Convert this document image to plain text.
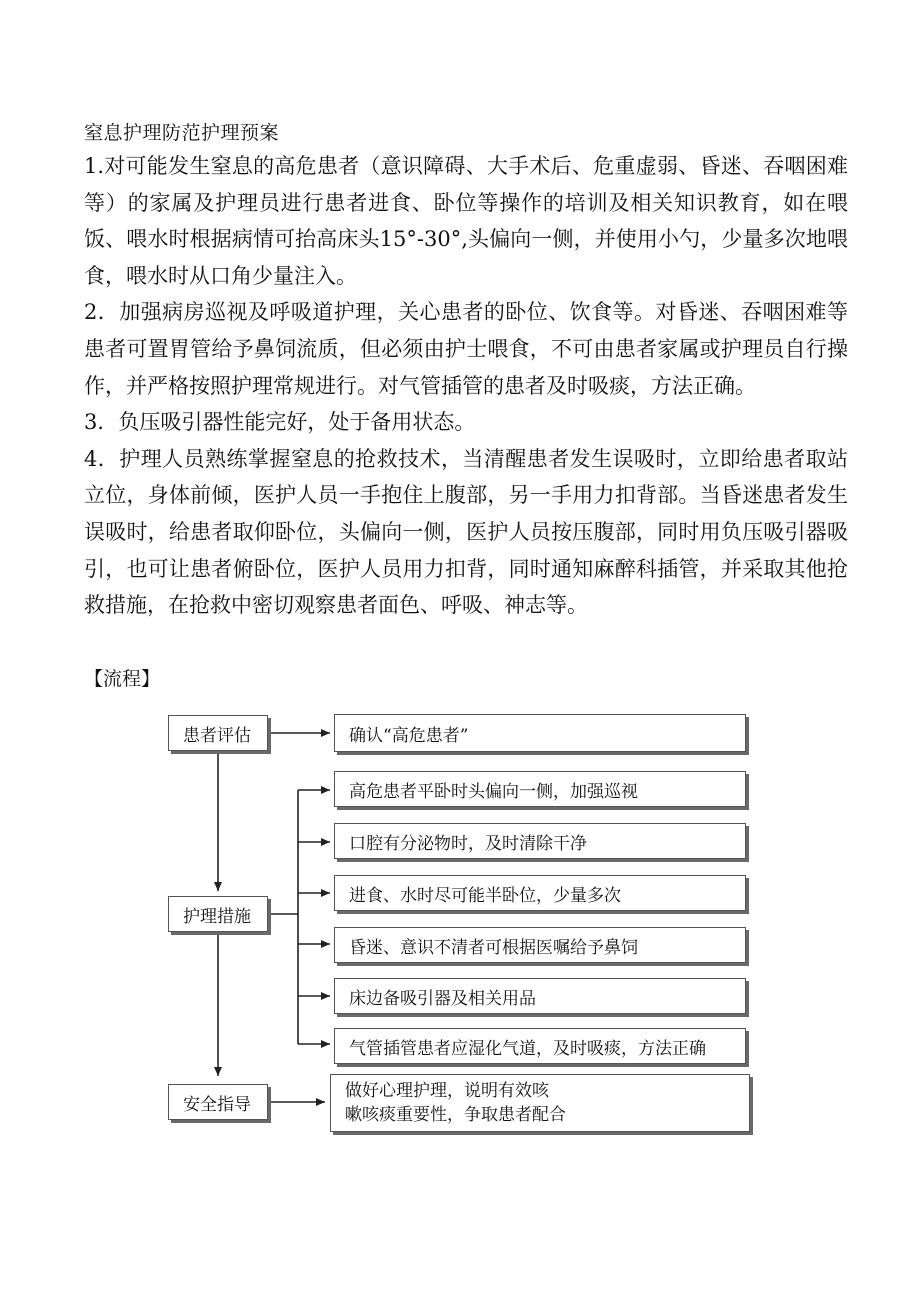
窒息护理防范护理预案

1.对可能发生窒息的高危患者（意识障碍、大手术后、危重虚弱、昏迷、吞咽困难等）的家属及护理员进行患者进食、卧位等操作的培训及相关知识教育，如在喂饭、喂水时根据病情可抬高床头15°-30°,头偏向一侧，并使用小勺，少量多次地喂食，喂水时从口角少量注入。

2．加强病房巡视及呼吸道护理，关心患者的卧位、饮食等。对昏迷、吞咽困难等患者可置胃管给予鼻饲流质，但必须由护士喂食，不可由患者家属或护理员自行操作，并严格按照护理常规进行。对气管插管的患者及时吸痰，方法正确。

3．负压吸引器性能完好，处于备用状态。

4．护理人员熟练掌握窒息的抢救技术，当清醒患者发生误吸时，立即给患者取站立位，身体前倾，医护人员一手抱住上腹部，另一手用力扣背部。当昏迷患者发生误吸时，给患者取仰卧位，头偏向一侧，医护人员按压腹部，同时用负压吸引器吸引，也可让患者俯卧位，医护人员用力扣背，同时通知麻醉科插管，并采取其他抢救措施，在抢救中密切观察患者面色、呼吸、神志等。

【流程】
患者评估
护理措施
安全指导
确认“高危患者”
高危患者平卧时头偏向一侧，加强巡视
口腔有分泌物时，及时清除干净
进食、水时尽可能半卧位，少量多次
昏迷、意识不清者可根据医嘱给予鼻饲
床边备吸引器及相关用品
气管插管患者应湿化气道，及时吸痰，方法正确
做好心理护理，说明有效咳
嗽咳痰重要性，争取患者配合
